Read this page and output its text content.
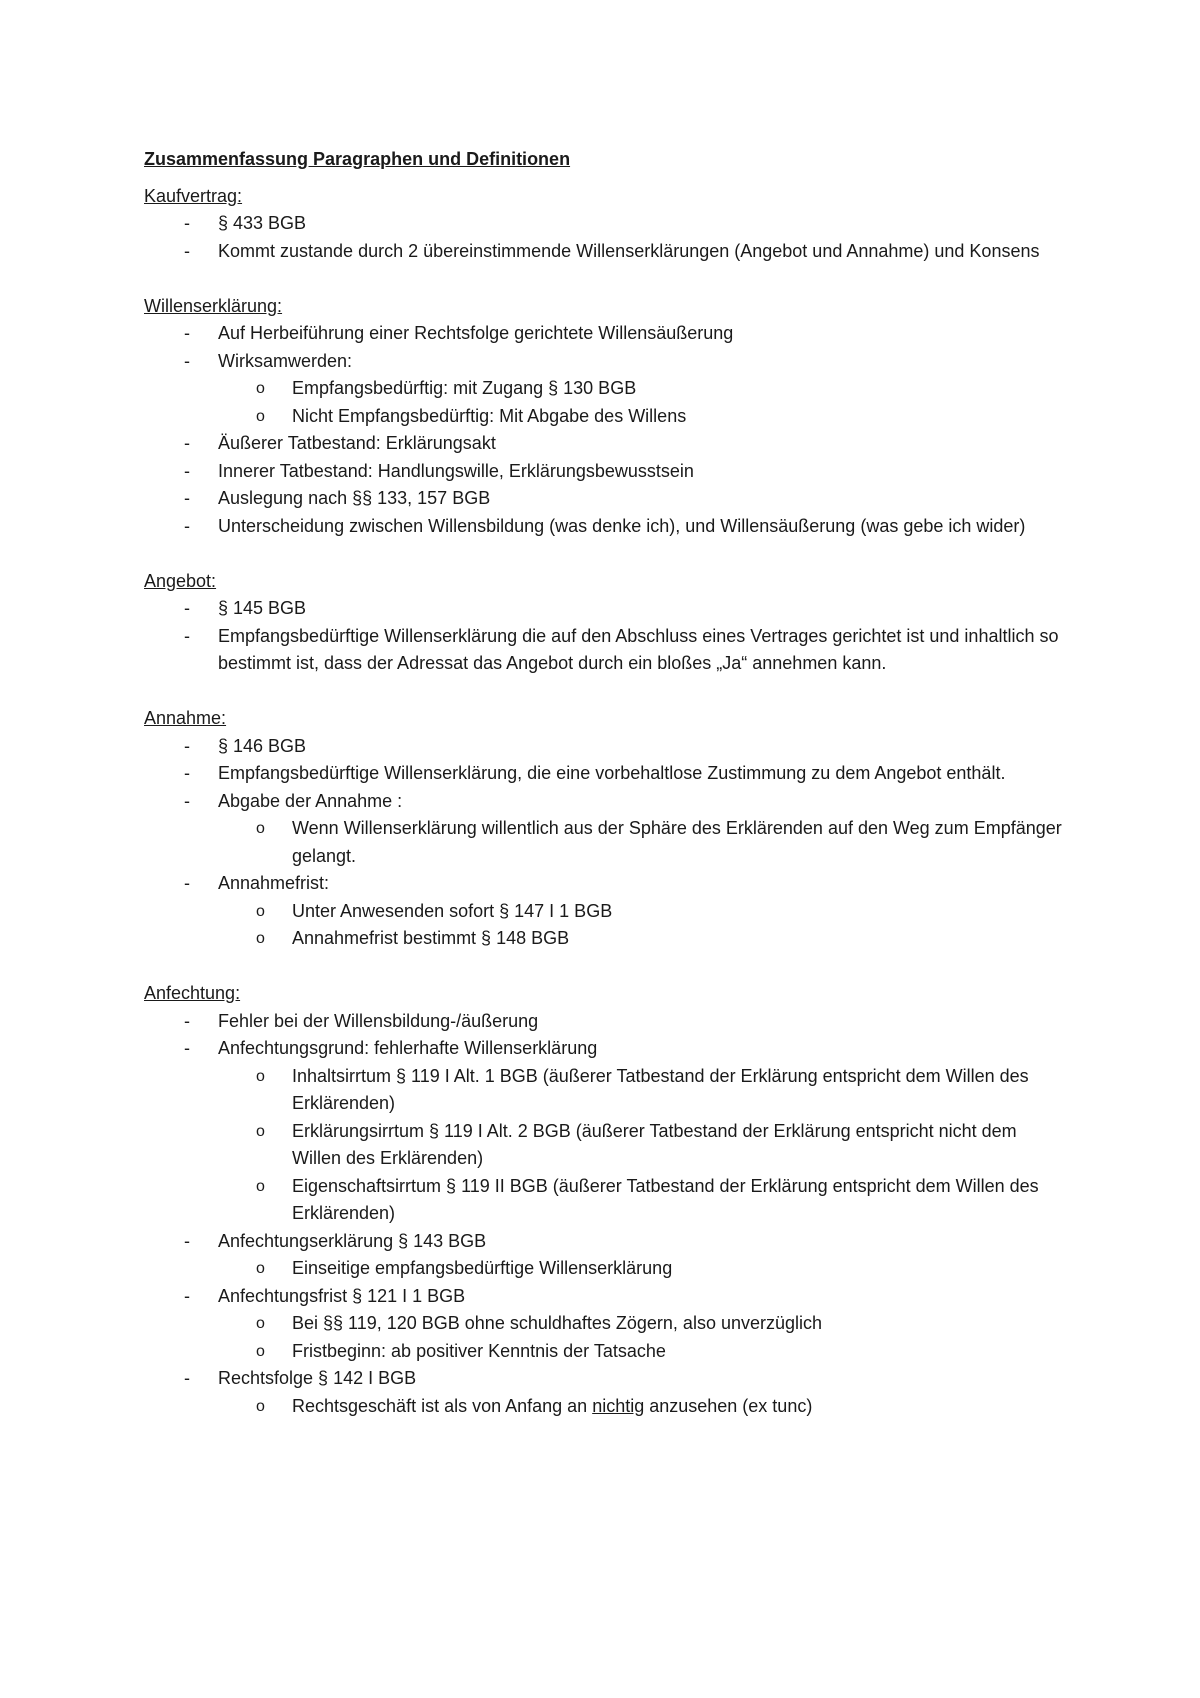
Zusammenfassung Paragraphen und Definitionen
Kaufvertrag:
- § 433 BGB
- Kommt zustande durch 2 übereinstimmende Willenserklärungen (Angebot und Annahme) und Konsens
Willenserklärung:
- Auf Herbeiführung einer Rechtsfolge gerichtete Willensäußerung
- Wirksamwerden:
o Empfangsbedürftig: mit Zugang § 130 BGB
o Nicht Empfangsbedürftig: Mit Abgabe des Willens
- Äußerer Tatbestand: Erklärungsakt
- Innerer Tatbestand: Handlungswille, Erklärungsbewusstsein
- Auslegung nach §§ 133, 157 BGB
- Unterscheidung zwischen Willensbildung (was denke ich), und Willensäußerung (was gebe ich wider)
Angebot:
- § 145 BGB
- Empfangsbedürftige Willenserklärung die auf den Abschluss eines Vertrages gerichtet ist und inhaltlich so bestimmt ist, dass der Adressat das Angebot durch ein bloßes „Ja“ annehmen kann.
Annahme:
- § 146 BGB
- Empfangsbedürftige Willenserklärung, die eine vorbehaltlose Zustimmung zu dem Angebot enthält.
- Abgabe der Annahme :
o Wenn Willenserklärung willentlich aus der Sphäre des Erklärenden auf den Weg zum Empfänger gelangt.
- Annahmefrist:
o Unter Anwesenden sofort § 147 I 1 BGB
o Annahmefrist bestimmt § 148 BGB
Anfechtung:
- Fehler bei der Willensbildung-/äußerung
- Anfechtungsgrund: fehlerhafte Willenserklärung
o Inhaltsirrtum § 119 I Alt. 1 BGB (äußerer Tatbestand der Erklärung entspricht dem Willen des Erklärenden)
o Erklärungsirrtum § 119 I Alt. 2 BGB (äußerer Tatbestand der Erklärung entspricht nicht dem Willen des Erklärenden)
o Eigenschaftsirrtum § 119 II BGB (äußerer Tatbestand der Erklärung entspricht dem Willen des Erklärenden)
- Anfechtungserklärung § 143 BGB
o Einseitige empfangsbedürftige Willenserklärung
- Anfechtungsfrist § 121 I 1 BGB
o Bei §§ 119, 120 BGB ohne schuldhaftes Zögern, also unverzüglich
o Fristbeginn: ab positiver Kenntnis der Tatsache
- Rechtsfolge § 142 I BGB
o Rechtsgeschäft ist als von Anfang an nichtig anzusehen (ex tunc)
